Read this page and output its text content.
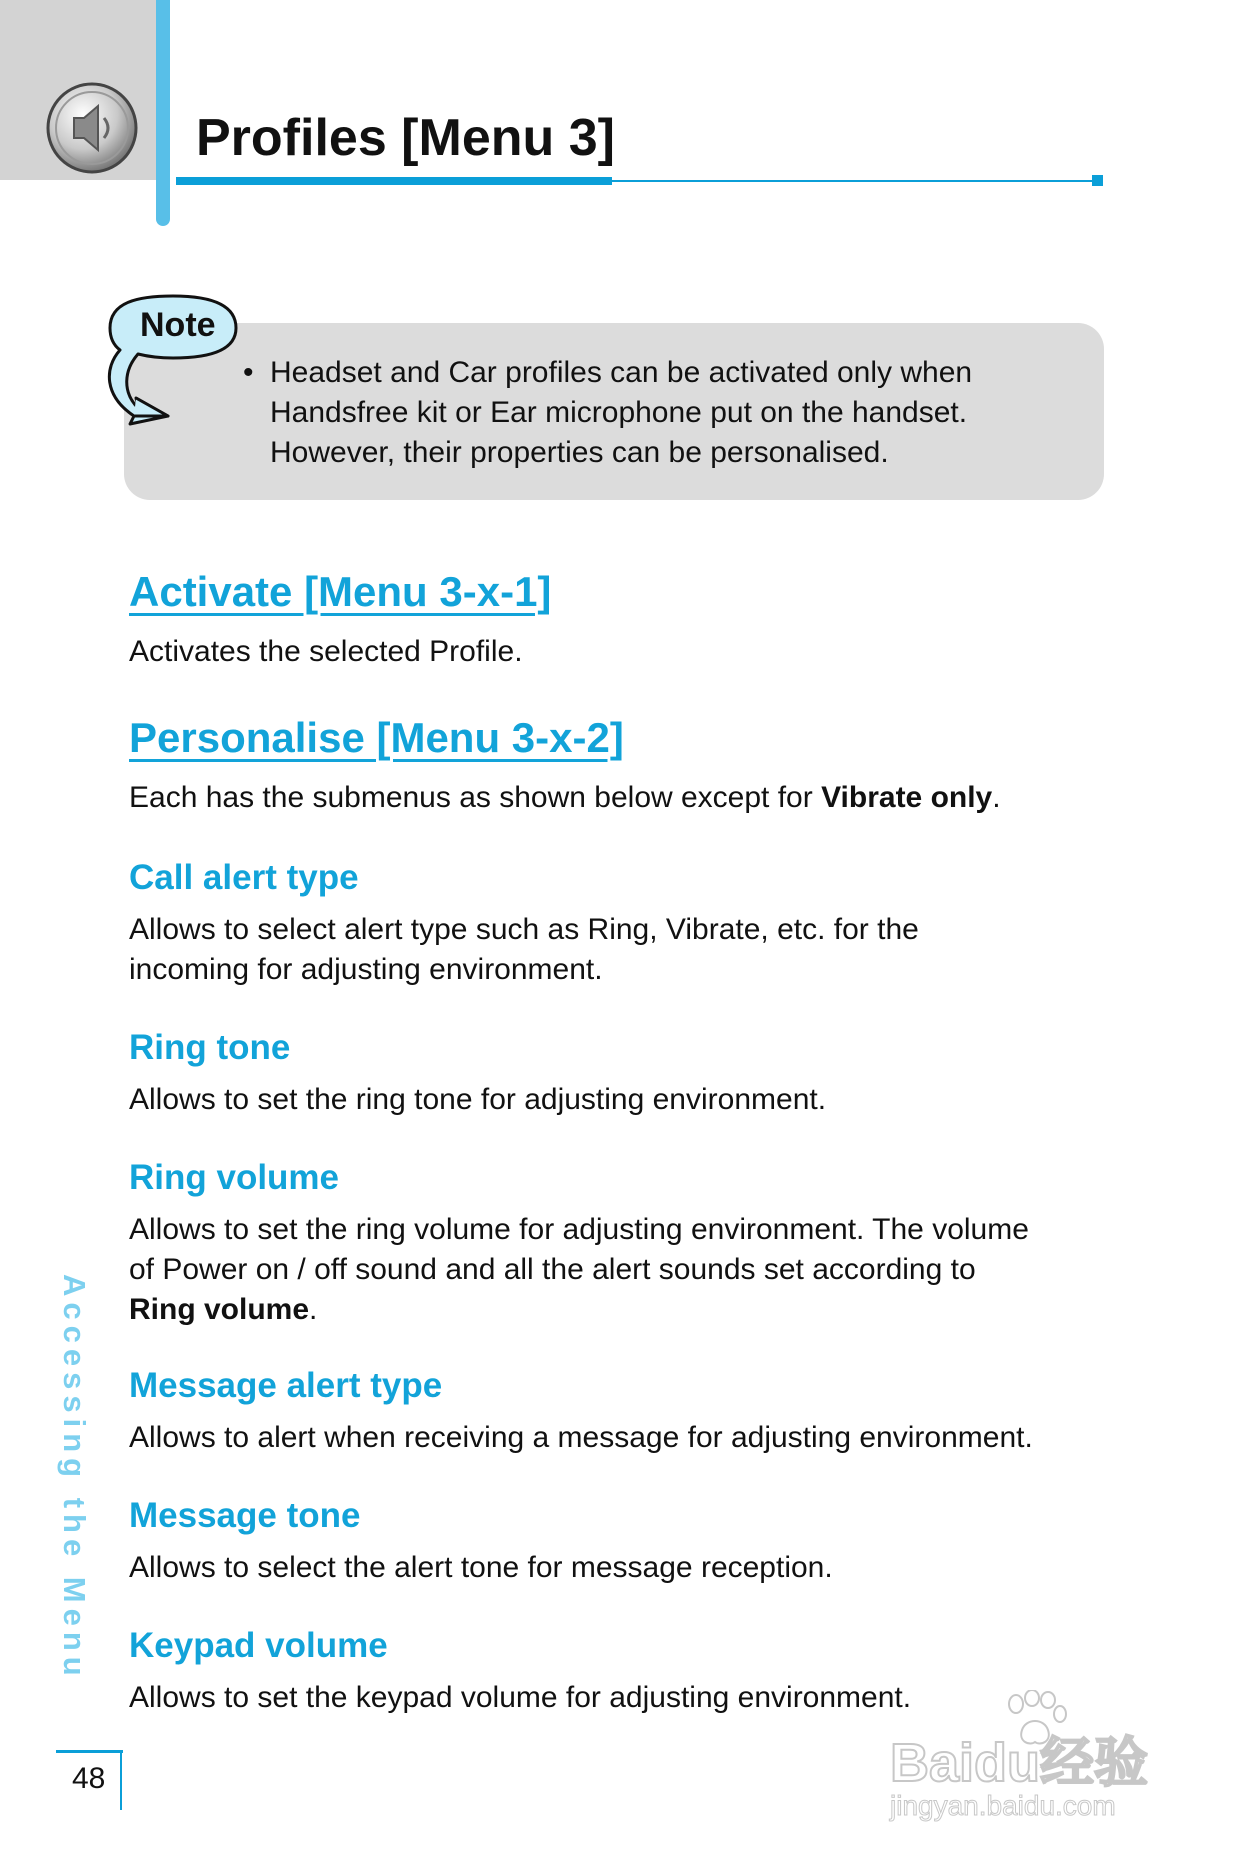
Profiles [Menu 3]
Note
• Headset and Car profiles can be activated only when
Handsfree kit or Ear microphone put on the handset.
However, their properties can be personalised.
Activate [Menu 3-x-1]
Activates the selected Profile.
Personalise [Menu 3-x-2]
Each has the submenus as shown below except for Vibrate only.
Call alert type
Allows to select alert type such as Ring, Vibrate, etc. for the
incoming for adjusting environment.
Ring tone
Allows to set the ring tone for adjusting environment.
Ring volume
Allows to set the ring volume for adjusting environment. The volume
of Power on / off sound and all the alert sounds set according to
Ring volume.
Message alert type
Allows to alert when receiving a message for adjusting environment.
Message tone
Allows to select the alert tone for message reception.
Keypad volume
Allows to set the keypad volume for adjusting environment.
Accessing the Menu
48	Baidu经验
jingyan.baidu.com
